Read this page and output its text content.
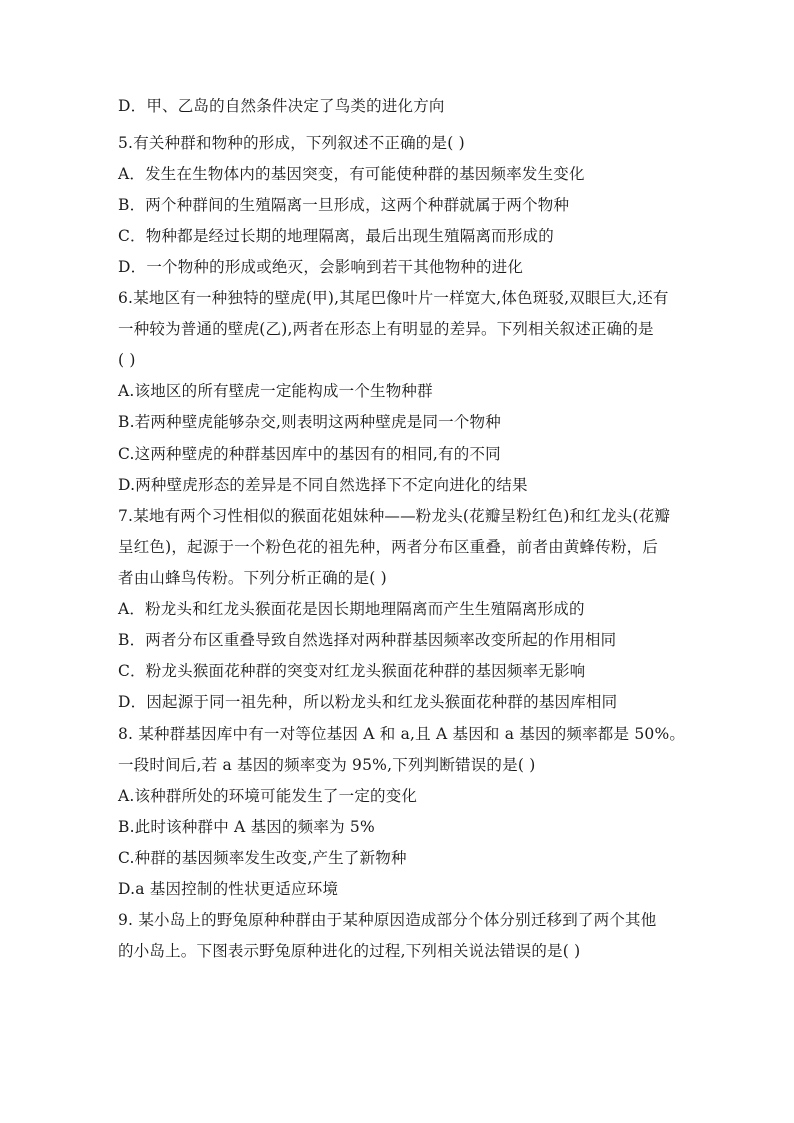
D．甲、乙岛的自然条件决定了鸟类的进化方向
5.有关种群和物种的形成，下列叙述不正确的是( )
A．发生在生物体内的基因突变，有可能使种群的基因频率发生变化
B．两个种群间的生殖隔离一旦形成，这两个种群就属于两个物种
C．物种都是经过长期的地理隔离，最后出现生殖隔离而形成的
D．一个物种的形成或绝灭，会影响到若干其他物种的进化
6.某地区有一种独特的壁虎(甲),其尾巴像叶片一样宽大,体色斑驳,双眼巨大,还有
一种较为普通的壁虎(乙),两者在形态上有明显的差异。下列相关叙述正确的是
( )
A.该地区的所有壁虎一定能构成一个生物种群
B.若两种壁虎能够杂交,则表明这两种壁虎是同一个物种
C.这两种壁虎的种群基因库中的基因有的相同,有的不同
D.两种壁虎形态的差异是不同自然选择下不定向进化的结果
7.某地有两个习性相似的猴面花姐妹种——粉龙头(花瓣呈粉红色)和红龙头(花瓣
呈红色)，起源于一个粉色花的祖先种，两者分布区重叠，前者由黄蜂传粉，后
者由山蜂鸟传粉。下列分析正确的是( )
A．粉龙头和红龙头猴面花是因长期地理隔离而产生生殖隔离形成的
B．两者分布区重叠导致自然选择对两种群基因频率改变所起的作用相同
C．粉龙头猴面花种群的突变对红龙头猴面花种群的基因频率无影响
D．因起源于同一祖先种，所以粉龙头和红龙头猴面花种群的基因库相同
8. 某种群基因库中有一对等位基因 A 和 a,且 A 基因和 a 基因的频率都是 50%。
一段时间后,若 a 基因的频率变为 95%,下列判断错误的是( )
A.该种群所处的环境可能发生了一定的变化
B.此时该种群中 A 基因的频率为 5%
C.种群的基因频率发生改变,产生了新物种
D.a 基因控制的性状更适应环境
9. 某小岛上的野兔原种种群由于某种原因造成部分个体分别迁移到了两个其他
的小岛上。下图表示野兔原种进化的过程,下列相关说法错误的是( )
